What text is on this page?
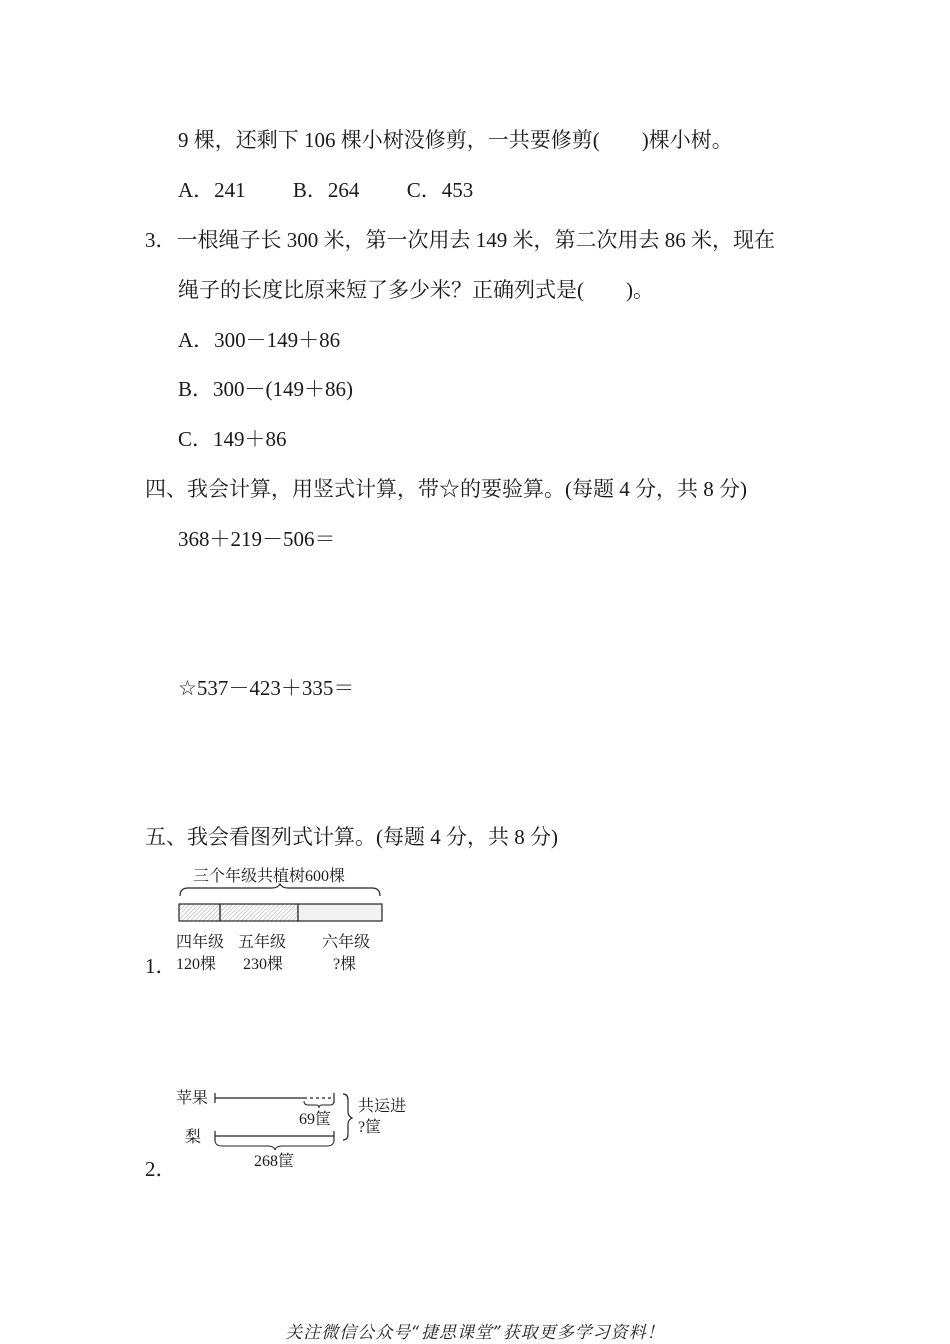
9 棵，还剩下 106 棵小树没修剪，一共要修剪(　　)棵小树。
A．241 B．264 C．453
3．一根绳子长 300 米，第一次用去 149 米，第二次用去 86 米，现在
绳子的长度比原来短了多少米？正确列式是(　　)。
A．300－149＋86
B．300－(149＋86)
C．149＋86
四、我会计算，用竖式计算，带☆的要验算。(每题 4 分，共 8 分)
368＋219－506＝
☆537－423＋335＝
五、我会看图列式计算。(每题 4 分，共 8 分)
三个年级共植树600棵
四年级 五年级 六年级
1． 120棵 230棵	?棵
苹果
梨
69筐
共运进
?筐
268筐
2．
关注微信公众号“捷思课堂”获取更多学习资料！
